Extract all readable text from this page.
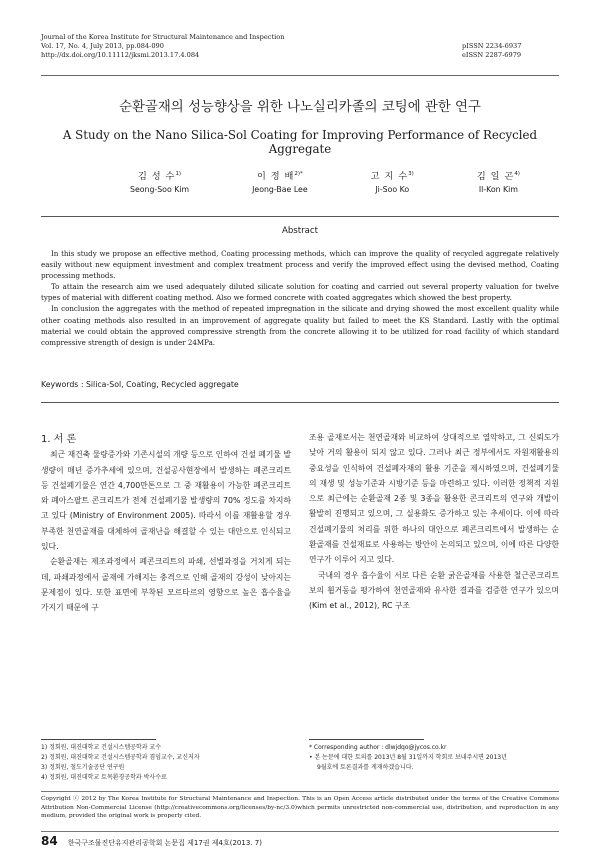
Journal of the Korea Institute for Structural Maintenance and Inspection
Vol. 17, No. 4, July 2013, pp.084-090
http://dx.doi.org/10.11112/jksmi.2013.17.4.084
pISSN 2234-6937
eISSN 2287-6979
순환골재의 성능향상을 위한 나노실리카졸의 코팅에 관한 연구
A Study on the Nano Silica-Sol Coating for Improving Performance of Recycled Aggregate
김 성 수$^{1)}$
Seong-Soo Kim
이 정 배$^{2)*}$
Jeong-Bae Lee
고 지 수$^{3)}$
Ji-Soo Ko
김 일 곤$^{4)}$
Il-Kon Kim
Abstract

In this study we propose an effective method, Coating processing methods, which can improve the quality of recycled aggregate relatively easily without new equipment investment and complex treatment process and verify the improved effect using the devised method, Coating processing methods.

To attain the research aim we used adequately diluted silicate solution for coating and carried out several property valuation for twelve types of material with different coating method. Also we formed concrete with coated aggregates which showed the best property.

In conclusion the aggregates with the method of repeated impregnation in the silicate and drying showed the most excellent quality while other coating methods also resulted in an improvement of aggregate quality but failed to meet the KS Standard. Lastly with the optimal material we could obtain the approved compressive strength from the concrete allowing it to be utilized for road facility of which standard compressive strength of design is under 24MPa.

Keywords : Silica-Sol, Coating, Recycled aggregate

1. 서 론

최근 재건축 물량증가와 기존시설의 개량 등으로 인하여 건설 폐기물 발생량이 매년 증가추세에 있으며, 건설공사현장에서 발생하는 폐콘크리트 등 건설폐기물은 연간 4,700만톤으로 그 중 재활용이 가능한 폐콘크리트와 폐아스팔트 콘크리트가 전체 건설폐기물 발생량의 70% 정도를 차지하고 있다 (Ministry of Environment 2005). 따라서 이를 재활용할 경우 부족한 천연골재를 대체하여 골재난을 해결할 수 있는 대안으로 인식되고 있다.

순환골재는 제조과정에서 폐콘크리트의 파쇄, 선별과정을 거치게 되는데, 파쇄과정에서 골재에 가해지는 충격으로 인해 골재의 강성이 낮아지는 문제점이 있다. 또한 표면에 부착된 모르타르의 영향으로 높은 흡수율을 가지기 때문에 구

조용 골재로서는 천연골재와 비교하여 상대적으로 열악하고, 그 신뢰도가 낮아 거의 활용이 되지 않고 있다. 그러나 최근 정부에서도 자원재활용의 중요성을 인식하여 건설폐자재의 활용 기준을 제시하였으며, 건설폐기물의 재생 및 성능기준과 시방기준 등을 마련하고 있다. 이러한 정책적 지원으로 최근에는 순환골재 2종 및 3종을 활용한 콘크리트의 연구와 개발이 활발히 진행되고 있으며, 그 실용화도 증가하고 있는 추세이다. 이에 따라 건설폐기물의 처리를 위한 하나의 대안으로 폐콘크리트에서 발생하는 순환골재를 건설재료로 사용하는 방안이 논의되고 있으며, 이에 따른 다양한 연구가 이루어 지고 있다.

국내의 경우 흡수율이 서로 다른 순환 굵은골재를 사용한 철근콘크리트 보의 휨거동을 평가하여 천연골재와 유사한 결과를 검증한 연구가 있으며 (Kim et al., 2012), RC 구조

1) 정회원, 대진대학교 건설시스템공학과 교수
2) 정회원, 대진대학교 건설시스템공학과 겸임교수, 교신저자
3) 정회원, 철도기술공단 연구원
4) 정회원, 대진대학교 토목환경공학과 박사수료
* Corresponding author : dlwjdqo@jycos.co.kr
• 본 논문에 대한 토의를 2013년 8월 31일까지 학회로 보내주시면 2013년
9월호에 토론결과를 게재하겠습니다.
Copyright ⓒ 2012 by The Korea Institute for Structural Maintenance and Inspection. This is an Open Access article distributed under the terms of the Creative Commons Attribution Non-Commercial License (http://creativecommons.org/licenses/by-nc/3.0)which permits unrestricted non-commercial use, distribution, and reproduction in any medium, provided the original work is properly cited.
84 한국구조물진단유지관리공학회 논문집 제17권 제4호(2013. 7)
